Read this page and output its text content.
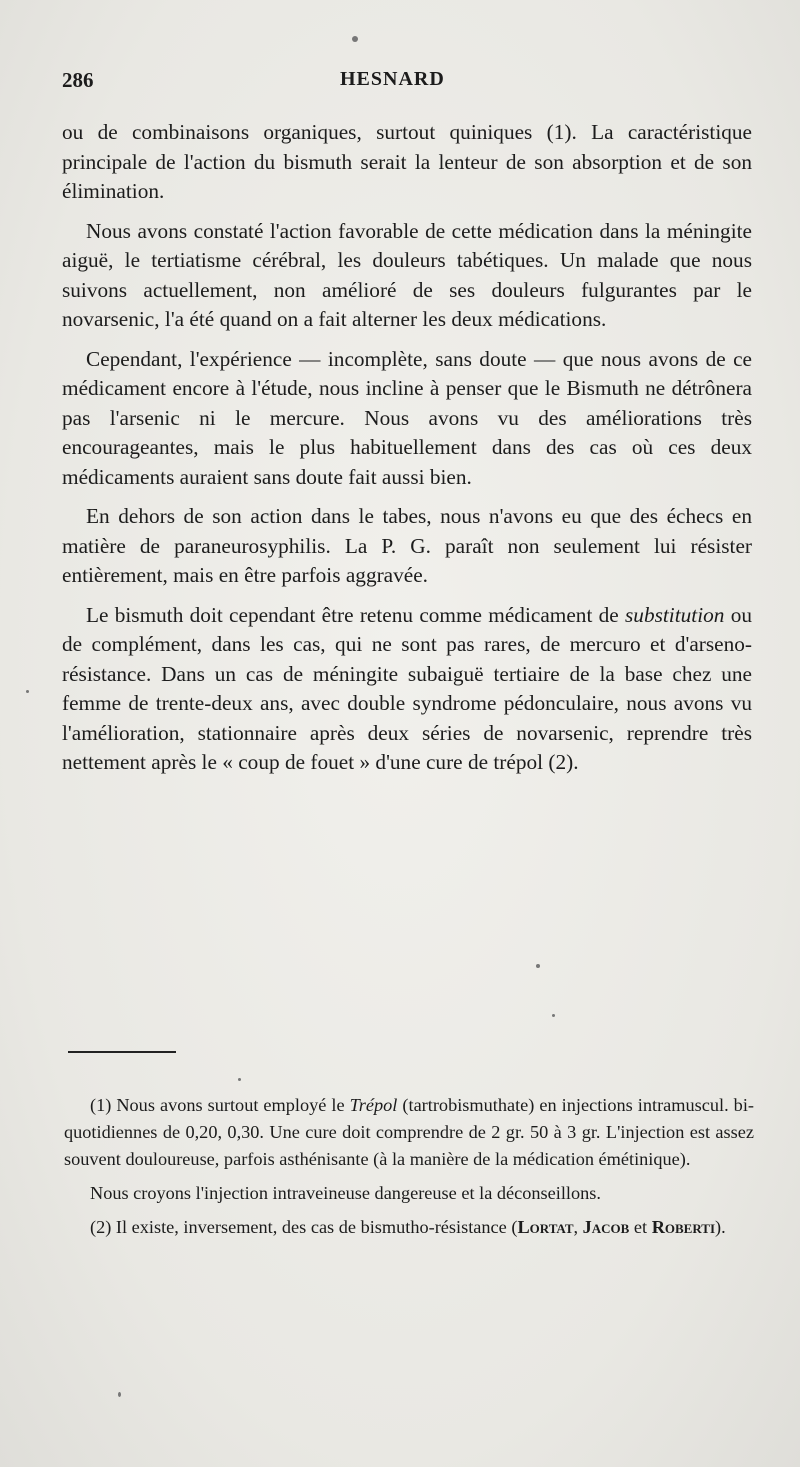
286	HESNARD

ou de combinaisons organiques, surtout quiniques (1). La caractéristique principale de l'action du bismuth serait la lenteur de son absorption et de son élimination.

Nous avons constaté l'action favorable de cette médication dans la méningite aiguë, le tertiatisme cérébral, les douleurs tabétiques. Un malade que nous suivons actuellement, non amélioré de ses douleurs fulgurantes par le novarsenic, l'a été quand on a fait alterner les deux médications.

Cependant, l'expérience — incomplète, sans doute — que nous avons de ce médicament encore à l'étude, nous incline à penser que le Bismuth ne détrônera pas l'arsenic ni le mercure. Nous avons vu des améliorations très encourageantes, mais le plus habituellement dans des cas où ces deux médicaments auraient sans doute fait aussi bien.

En dehors de son action dans le tabes, nous n'avons eu que des échecs en matière de paraneurosyphilis. La P. G. paraît non seulement lui résister entièrement, mais en être parfois aggravée.

Le bismuth doit cependant être retenu comme médicament de substitution ou de complément, dans les cas, qui ne sont pas rares, de mercuro et d'arseno-résistance. Dans un cas de méningite subaiguë tertiaire de la base chez une femme de trente-deux ans, avec double syndrome pédonculaire, nous avons vu l'amélioration, stationnaire après deux séries de novarsenic, reprendre très nettement après le « coup de fouet » d'une cure de trépol (2).

(1) Nous avons surtout employé le Trépol (tartrobismuthate) en injections intramuscul. bi-quotidiennes de 0,20, 0,30. Une cure doit comprendre de 2 gr. 50 à 3 gr. L'injection est assez souvent douloureuse, parfois asthénisante (à la manière de la médication émétinique).

Nous croyons l'injection intraveineuse dangereuse et la déconseillons.

(2) Il existe, inversement, des cas de bismutho-résistance (Lortat, Jacob et Roberti).
